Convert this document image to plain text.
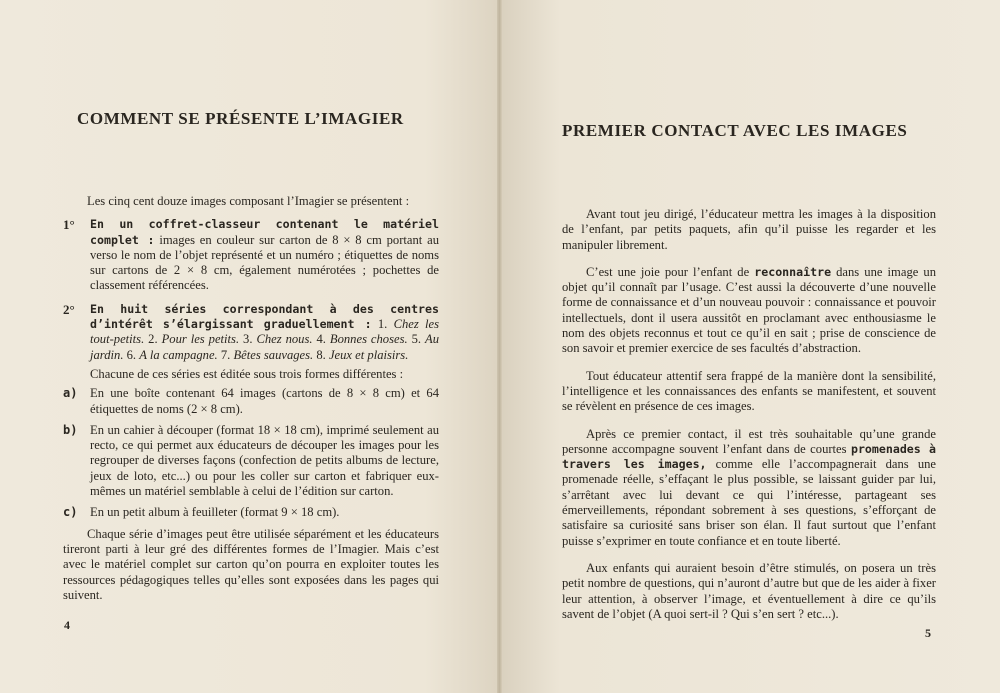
COMMENT SE PRÉSENTE L’IMAGIER

Les cinq cent douze images composant l’Imagier se présentent :

1°	En un coffret-classeur contenant le matériel complet : images en couleur sur carton de 8 × 8 cm portant au verso le nom de l’objet représenté et un numéro ; étiquettes de noms sur cartons de 2 × 8 cm, également numérotées ; pochettes de classement référencées.

2°	En huit séries correspondant à des centres d’intérêt s’élargissant graduellement : 1. Chez les tout-petits. 2. Pour les petits. 3. Chez nous. 4. Bonnes choses. 5. Au jardin. 6. A la campagne. 7. Bêtes sauvages. 8. Jeux et plaisirs.

Chacune de ces séries est éditée sous trois formes différentes :

a) En une boîte contenant 64 images (cartons de 8 × 8 cm) et 64 étiquettes de noms (2 × 8 cm).

b) En un cahier à découper (format 18 × 18 cm), imprimé seulement au recto, ce qui permet aux éducateurs de découper les images pour les regrouper de diverses façons (confection de petits albums de lecture, jeux de loto, etc...) ou pour les coller sur carton et fabriquer eux-mêmes un matériel semblable à celui de l’édition sur carton.

c) En un petit album à feuilleter (format 9 × 18 cm).

Chaque série d’images peut être utilisée séparément et les éducateurs tireront parti à leur gré des différentes formes de l’Imagier. Mais c’est avec le matériel complet sur carton qu’on pourra en exploiter toutes les ressources pédagogiques telles qu’elles sont exposées dans les pages qui suivent.

4
PREMIER CONTACT AVEC LES IMAGES

Avant tout jeu dirigé, l’éducateur mettra les images à la disposition de l’enfant, par petits paquets, afin qu’il puisse les regarder et les manipuler librement.

C’est une joie pour l’enfant de reconnaître dans une image un objet qu’il connaît par l’usage. C’est aussi la découverte d’une nouvelle forme de connaissance et d’un nouveau pouvoir : connaissance et pouvoir intellectuels, dont il usera aussitôt en proclamant avec enthousiasme le nom des objets reconnus et tout ce qu’il en sait ; prise de conscience de son savoir et premier exercice de ses facultés d’abstraction.

Tout éducateur attentif sera frappé de la manière dont la sensibilité, l’intelligence et les connaissances des enfants se manifestent, et souvent se révèlent en présence de ces images.

Après ce premier contact, il est très souhaitable qu’une grande personne accompagne souvent l’enfant dans de courtes promenades à travers les images, comme elle l’accompagnerait dans une promenade réelle, s’effaçant le plus possible, se laissant guider par lui, s’arrêtant avec lui devant ce qui l’intéresse, partageant ses émerveillements, répondant sobrement à ses questions, s’efforçant de satisfaire sa curiosité sans briser son élan. Il faut surtout que l’enfant puisse s’exprimer en toute confiance et en toute liberté.

Aux enfants qui auraient besoin d’être stimulés, on posera un très petit nombre de questions, qui n’auront d’autre but que de les aider à fixer leur attention, à observer l’image, et éventuellement à dire ce qu’ils savent de l’objet (A quoi sert-il ? Qui s’en sert ? etc...).

5
